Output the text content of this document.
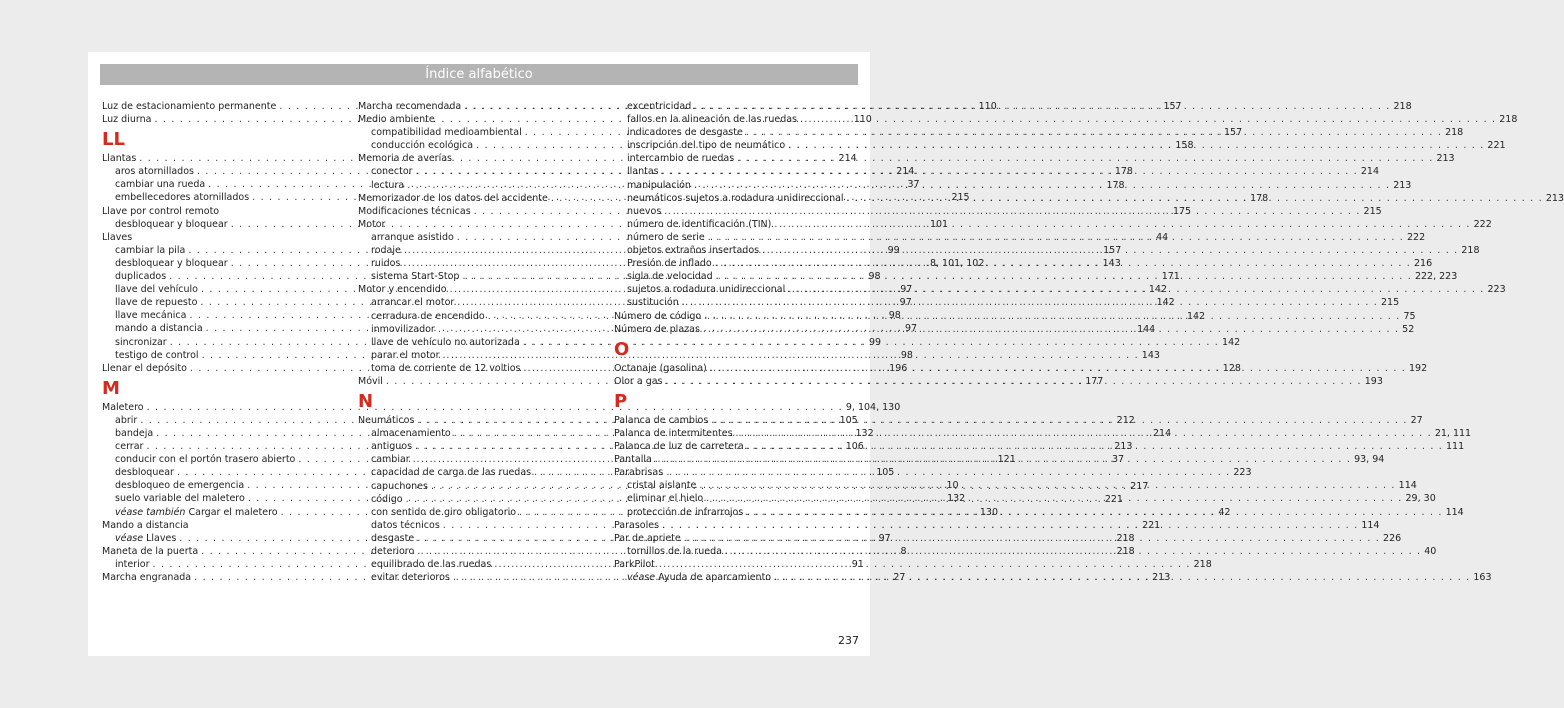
Índice alfabético
Luz de estacionamiento permanente . . .	110
Luz diurna . . .	110
LL
Llantas . . .	214
aros atornillados . . .	214
cambiar una rueda . . .	37
embellecedores atornillados . . .	215
Llave por control remoto
desbloquear y bloquear . . .	101
Llaves
cambiar la pila . . .	99
desbloquear y bloquear . . .	8, 101, 102
duplicados . . .	98
llave del vehículo . . .	97
llave de repuesto . . .	97
llave mecánica . . .	98
mando a distancia . . .	97
sincronizar . . .	99
testigo de control . . .	98
Llenar el depósito . . .	196
M
Maletero . . .	9, 104, 130
abrir . . .	105
bandeja . . .	132
cerrar . . .	106
conducir con el portón trasero abierto . . .	121
desbloquear . . .	105
desbloqueo de emergencia . . .	10
suelo variable del maletero . . .	132
véase también Cargar el maletero . . .	130
Mando a distancia
véase Llaves . . .	97
Maneta de la puerta . . .	8
interior . . .	91
Marcha engranada . . .	27
Marcha recomendada . . .	157
Medio ambiente
compatibilidad medioambiental . . .	157
conducción ecológica . . .	158
Memoria de averías
conector . . .	178
lectura . . .	178
Memorizador de los datos del accidente . . .	178
Modificaciones técnicas . . .	175
Motor
arranque asistido . . .	44
rodaje . . .	157
ruidos . . .	143
sistema Start-Stop . . .	171
Motor y encendido . . .	142
arrancar el motor . . .	142
cerradura de encendido . . .	142
inmovilizador . . .	144
llave de vehículo no autorizada . . .	142
parar el motor . . .	143
toma de corriente de 12 voltios . . .	128
Móvil . . .	177
N
Neumáticos . . .	212
almacenamiento . . .	214
antiguos . . .	213
cambiar . . .	37
capacidad de carga de las ruedas . . .	223
capuchones . . .	217
código . . .	221
con sentido de giro obligatorio . . .	42
datos técnicos . . .	221
desgaste . . .	218
deterioro . . .	218
equilibrado de las ruedas . . .	218
evitar deterioros . . .	213
excentricidad . . .	218
fallos en la alineación de las ruedas . . .	218
indicadores de desgaste . . .	218
inscripción del tipo de neumático . . .	221
intercambio de ruedas . . .	213
llantas . . .	214
manipulación . . .	213
neumáticos sujetos a rodadura unidireccional . . .	213
nuevos . . .	215
número de identificación (TIN) . . .	222
número de serie . . .	222
objetos extraños insertados . . .	218
Presión de inflado . . .	216
sigla de velocidad . . .	222, 223
sujetos a rodadura unidireccional . . .	223
sustitución . . .	215
Número de código . . .	75
Número de plazas . . .	52
O
Octanaje (gasolina) . . .	192
Olor a gas . . .	193
P
Palanca de cambios . . .	27
Palanca de intermitentes . . .	21, 111
Palanca de luz de carretera . . .	111
Pantalla . . .	93, 94
Parabrisas
cristal aislante . . .	114
eliminar el hielo . . .	29, 30
protección de infrarrojos . . .	114
Parasoles . . .	114
Par de apriete . . .	226
tornillos de la rueda . . .	40
ParkPilot
véase Ayuda de aparcamiento . . .	163
237
